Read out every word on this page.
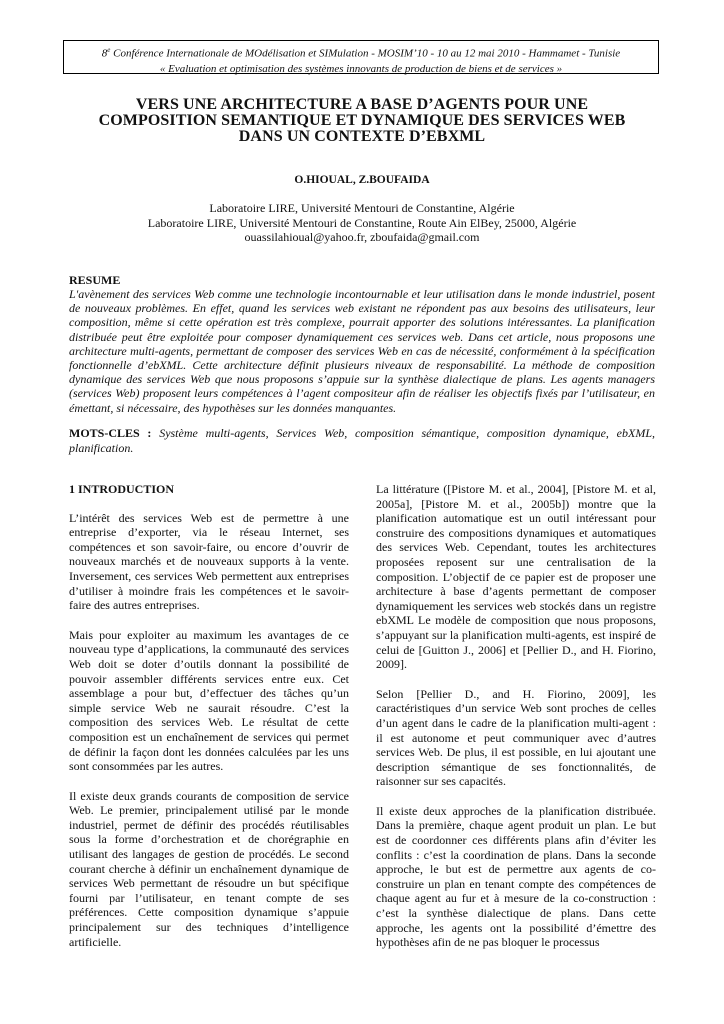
8e Conférence Internationale de MOdélisation et SIMulation - MOSIM’10 - 10 au 12 mai 2010 - Hammamet - Tunisie
« Evaluation et optimisation des systèmes innovants de production de biens et de services »
VERS UNE ARCHITECTURE A BASE D’AGENTS POUR UNE
COMPOSITION SEMANTIQUE ET DYNAMIQUE DES SERVICES WEB
DANS UN CONTEXTE D’EBXML
O.HIOUAL, Z.BOUFAIDA
Laboratoire LIRE, Université Mentouri de Constantine, Algérie
Laboratoire LIRE, Université Mentouri de Constantine, Route Ain ElBey, 25000, Algérie
ouassilahioual@yahoo.fr, zboufaida@gmail.com
RESUME

L'avènement des services Web comme une technologie incontournable et leur utilisation dans le monde industriel, posent de nouveaux problèmes. En effet, quand les services web existant ne répondent pas aux besoins des utilisateurs, leur composition, même si cette opération est très complexe, pourrait apporter des solutions intéressantes. La planification distribuée peut être exploitée pour composer dynamiquement ces services web. Dans cet article, nous proposons une architecture multi-agents, permettant de composer des services Web en cas de nécessité, conformément à la spécification fonctionnelle d’ebXML. Cette architecture définit plusieurs niveaux de responsabilité. La méthode de composition dynamique des services Web que nous proposons s’appuie sur la synthèse dialectique de plans. Les agents managers (services Web) proposent leurs compétences à l’agent compositeur afin de réaliser les objectifs fixés par l’utilisateur, en émettant, si nécessaire, des hypothèses sur les données manquantes.

MOTS-CLES : Système multi-agents, Services Web, composition sémantique, composition dynamique, ebXML, planification.
1 INTRODUCTION

L’intérêt des services Web est de permettre à une entreprise d’exporter, via le réseau Internet, ses compétences et son savoir-faire, ou encore d’ouvrir de nouveaux marchés et de nouveaux supports à la vente. Inversement, ces services Web permettent aux entreprises d’utiliser à moindre frais les compétences et le savoir-faire des autres entreprises.

Mais pour exploiter au maximum les avantages de ce nouveau type d’applications, la communauté des services Web doit se doter d’outils donnant la possibilité de pouvoir assembler différents services entre eux. Cet assemblage a pour but, d’effectuer des tâches qu’un simple service Web ne saurait résoudre. C’est la composition des services Web. Le résultat de cette composition est un enchaînement de services qui permet de définir la façon dont les données calculées par les uns sont consommées par les autres.

Il existe deux grands courants de composition de service Web. Le premier, principalement utilisé par le monde industriel, permet de définir des procédés réutilisables sous la forme d’orchestration et de chorégraphie en utilisant des langages de gestion de procédés. Le second courant cherche à définir un enchaînement dynamique de services Web permettant de résoudre un but spécifique fourni par l’utilisateur, en tenant compte de ses préférences. Cette composition dynamique s’appuie principalement sur des techniques d’intelligence artificielle.

La littérature ([Pistore M. et al., 2004], [Pistore M. et al, 2005a], [Pistore M. et al., 2005b]) montre que la planification automatique est un outil intéressant pour construire des compositions dynamiques et automatiques des services Web. Cependant, toutes les architectures proposées reposent sur une centralisation de la composition. L’objectif de ce papier est de proposer une architecture à base d’agents permettant de composer dynamiquement les services web stockés dans un registre ebXML Le modèle de composition que nous proposons, s’appuyant sur la planification multi-agents, est inspiré de celui de [Guitton J., 2006] et [Pellier D., and H. Fiorino, 2009].

Selon [Pellier D., and H. Fiorino, 2009], les caractéristiques d’un service Web sont proches de celles d’un agent dans le cadre de la planification multi-agent : il est autonome et peut communiquer avec d’autres services Web. De plus, il est possible, en lui ajoutant une description sémantique de ses fonctionnalités, de raisonner sur ses capacités.

Il existe deux approches de la planification distribuée. Dans la première, chaque agent produit un plan. Le but est de coordonner ces différents plans afin d’éviter les conflits : c’est la coordination de plans. Dans la seconde approche, le but est de permettre aux agents de co-construire un plan en tenant compte des compétences de chaque agent au fur et à mesure de la co-construction : c’est la synthèse dialectique de plans. Dans cette approche, les agents ont la possibilité d’émettre des hypothèses afin de ne pas bloquer le processus
